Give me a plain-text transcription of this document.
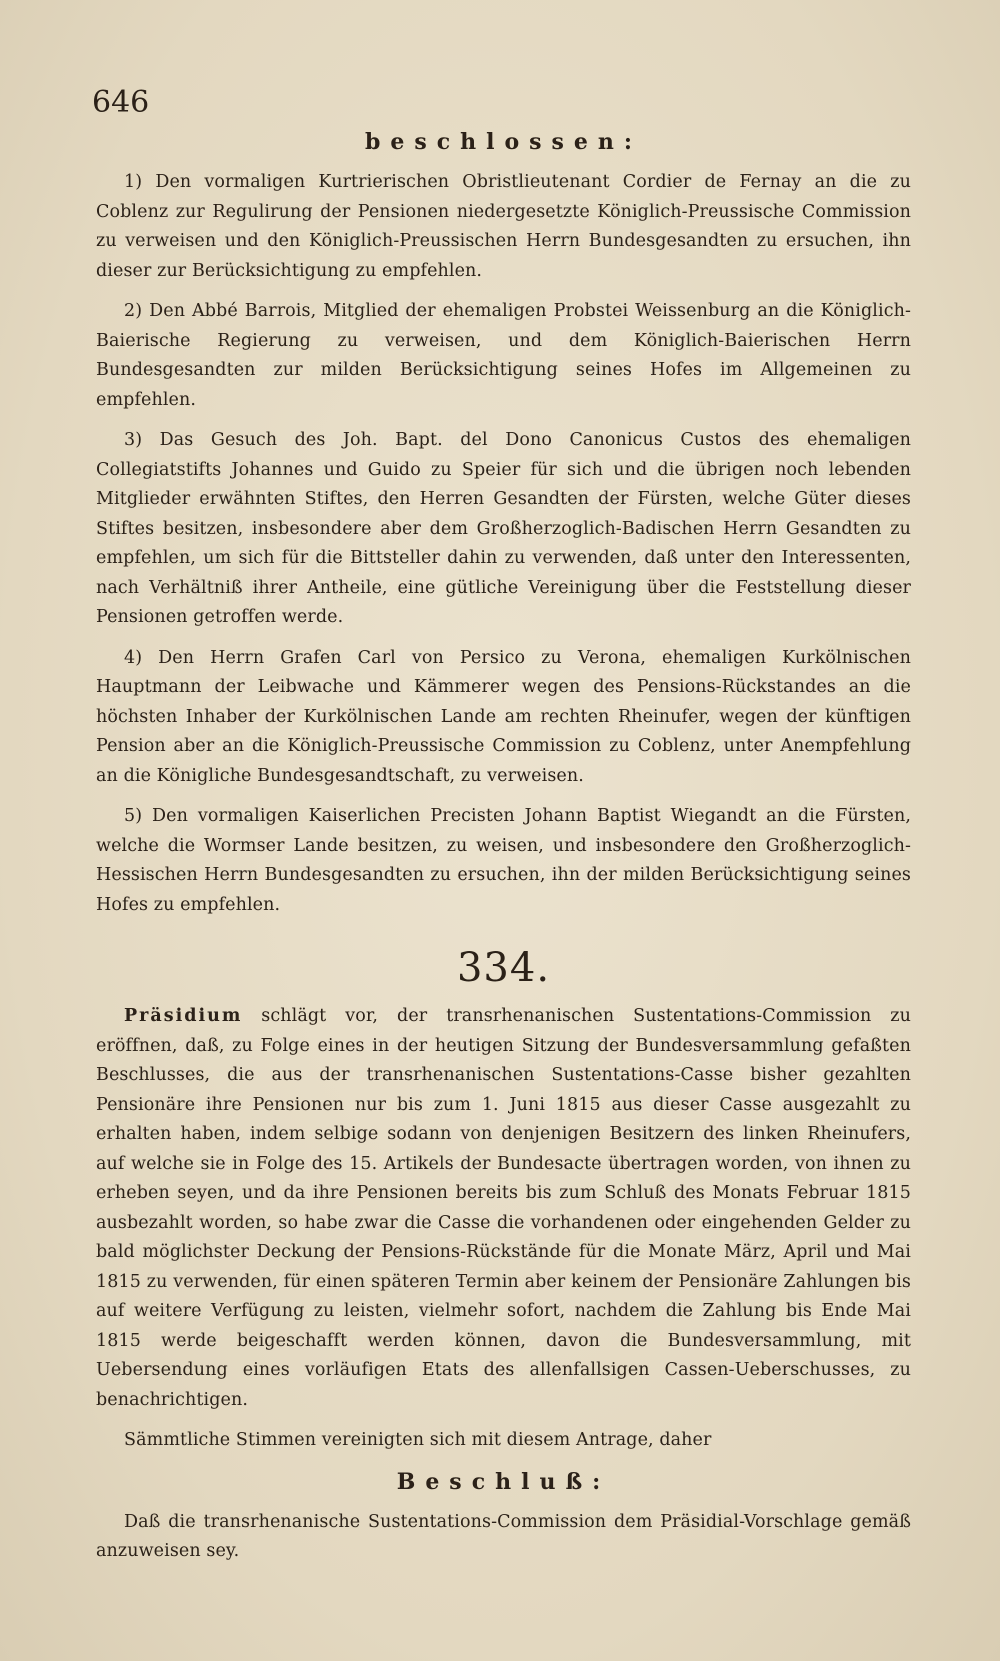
646
beschlossen:

1) Den vormaligen Kurtrierischen Obristlieutenant Cordier de Fernay an die zu Coblenz zur Regulirung der Pensionen niedergesetzte Königlich-Preussische Commission zu verweisen und den Königlich-Preussischen Herrn Bundesgesandten zu ersuchen, ihn dieser zur Berücksichtigung zu empfehlen.

2) Den Abbé Barrois, Mitglied der ehemaligen Probstei Weissenburg an die Königlich-Baierische Regierung zu verweisen, und dem Königlich-Baierischen Herrn Bundesgesandten zur milden Berücksichtigung seines Hofes im Allgemeinen zu empfehlen.

3) Das Gesuch des Joh. Bapt. del Dono Canonicus Custos des ehemaligen Collegiatstifts Johannes und Guido zu Speier für sich und die übrigen noch lebenden Mitglieder erwähnten Stiftes, den Herren Gesandten der Fürsten, welche Güter dieses Stiftes besitzen, insbesondere aber dem Großherzoglich-Badischen Herrn Gesandten zu empfehlen, um sich für die Bittsteller dahin zu verwenden, daß unter den Interessenten, nach Verhältniß ihrer Antheile, eine gütliche Vereinigung über die Feststellung dieser Pensionen getroffen werde.

4) Den Herrn Grafen Carl von Persico zu Verona, ehemaligen Kurkölnischen Hauptmann der Leibwache und Kämmerer wegen des Pensions-Rückstandes an die höchsten Inhaber der Kurkölnischen Lande am rechten Rheinufer, wegen der künftigen Pension aber an die Königlich-Preussische Commission zu Coblenz, unter Anempfehlung an die Königliche Bundesgesandtschaft, zu verweisen.

5) Den vormaligen Kaiserlichen Precisten Johann Baptist Wiegandt an die Fürsten, welche die Wormser Lande besitzen, zu weisen, und insbesondere den Großherzoglich-Hessischen Herrn Bundesgesandten zu ersuchen, ihn der milden Berücksichtigung seines Hofes zu empfehlen.

334.

Präsidium schlägt vor, der transrhenanischen Sustentations-Commission zu eröffnen, daß, zu Folge eines in der heutigen Sitzung der Bundesversammlung gefaßten Beschlusses, die aus der transrhenanischen Sustentations-Casse bisher gezahlten Pensionäre ihre Pensionen nur bis zum 1. Juni 1815 aus dieser Casse ausgezahlt zu erhalten haben, indem selbige sodann von denjenigen Besitzern des linken Rheinufers, auf welche sie in Folge des 15. Artikels der Bundesacte übertragen worden, von ihnen zu erheben seyen, und da ihre Pensionen bereits bis zum Schluß des Monats Februar 1815 ausbezahlt worden, so habe zwar die Casse die vorhandenen oder eingehenden Gelder zu bald möglichster Deckung der Pensions-Rückstände für die Monate März, April und Mai 1815 zu verwenden, für einen späteren Termin aber keinem der Pensionäre Zahlungen bis auf weitere Verfügung zu leisten, vielmehr sofort, nachdem die Zahlung bis Ende Mai 1815 werde beigeschafft werden können, davon die Bundesversammlung, mit Uebersendung eines vorläufigen Etats des allenfallsigen Cassen-Ueberschusses, zu benachrichtigen.

Sämmtliche Stimmen vereinigten sich mit diesem Antrage, daher

Beschluß:

Daß die transrhenanische Sustentations-Commission dem Präsidial-Vorschlage gemäß anzuweisen sey.
